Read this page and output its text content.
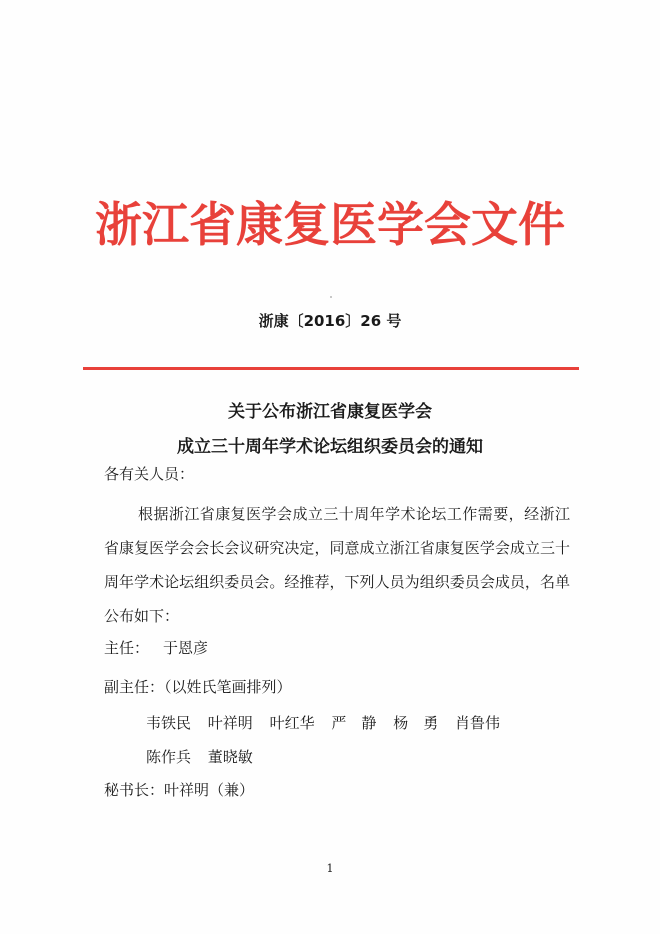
浙江省康复医学会文件
浙康〔2016〕26 号
关于公布浙江省康复医学会
成立三十周年学术论坛组织委员会的通知
各有关人员：
根据浙江省康复医学会成立三十周年学术论坛工作需要，经浙江省康复医学会会长会议研究决定，同意成立浙江省康复医学会成立三十周年学术论坛组织委员会。经推荐，下列人员为组织委员会成员，名单公布如下：
主任： 于恩彦
副主任：（以姓氏笔画排列）
韦铁民 叶祥明 叶红华 严　静 杨　勇 肖鲁伟
陈作兵 董晓敏
秘书长：叶祥明（兼）
1
